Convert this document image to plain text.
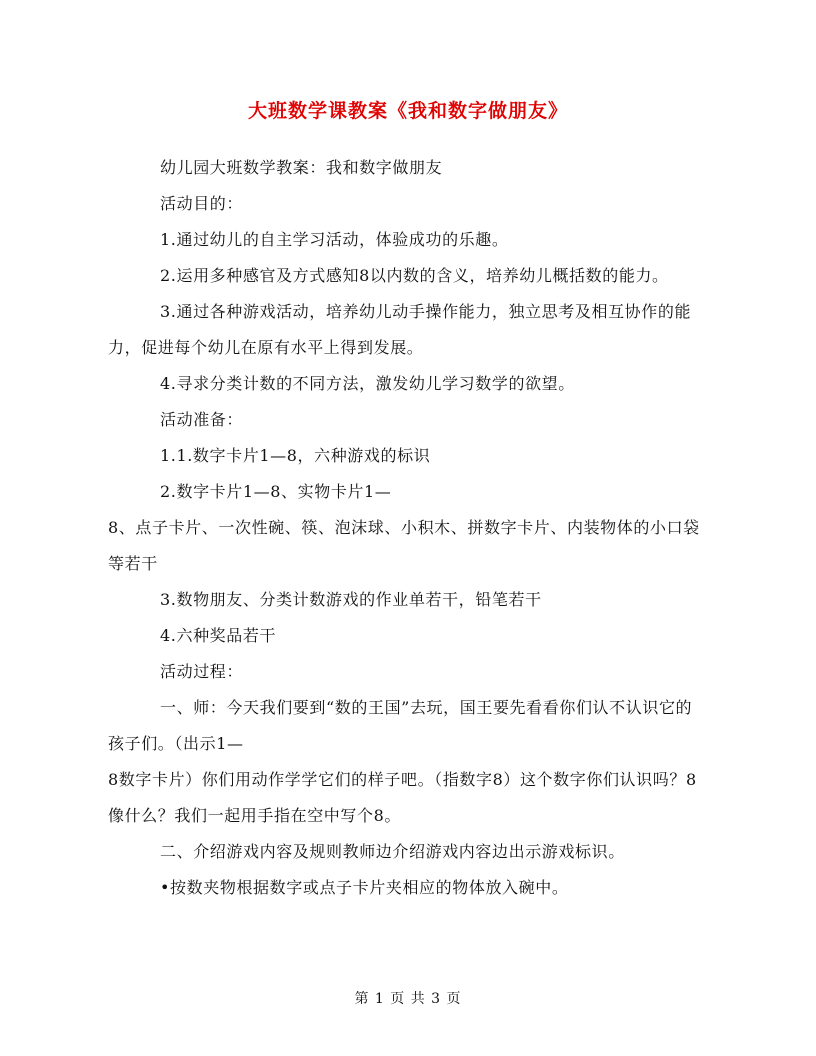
大班数学课教案《我和数字做朋友》

幼儿园大班数学教案：我和数字做朋友

活动目的：

1.通过幼儿的自主学习活动，体验成功的乐趣。

2.运用多种感官及方式感知8以内数的含义，培养幼儿概括数的能力。

3.通过各种游戏活动，培养幼儿动手操作能力，独立思考及相互协作的能力，促进每个幼儿在原有水平上得到发展。

4.寻求分类计数的不同方法，激发幼儿学习数学的欲望。

活动准备：

1.1.数字卡片1—8，六种游戏的标识

2.数字卡片1—8、实物卡片1—

8、点子卡片、一次性碗、筷、泡沫球、小积木、拼数字卡片、内装物体的小口袋等若干

3.数物朋友、分类计数游戏的作业单若干，铅笔若干

4.六种奖品若干

活动过程：

一、师：今天我们要到“数的王国”去玩，国王要先看看你们认不认识它的孩子们。（出示1—

8数字卡片）你们用动作学学它们的样子吧。（指数字8）这个数字你们认识吗？8像什么？我们一起用手指在空中写个8。

二、介绍游戏内容及规则教师边介绍游戏内容边出示游戏标识。

•按数夹物根据数字或点子卡片夹相应的物体放入碗中。

第 1 页 共 3 页
